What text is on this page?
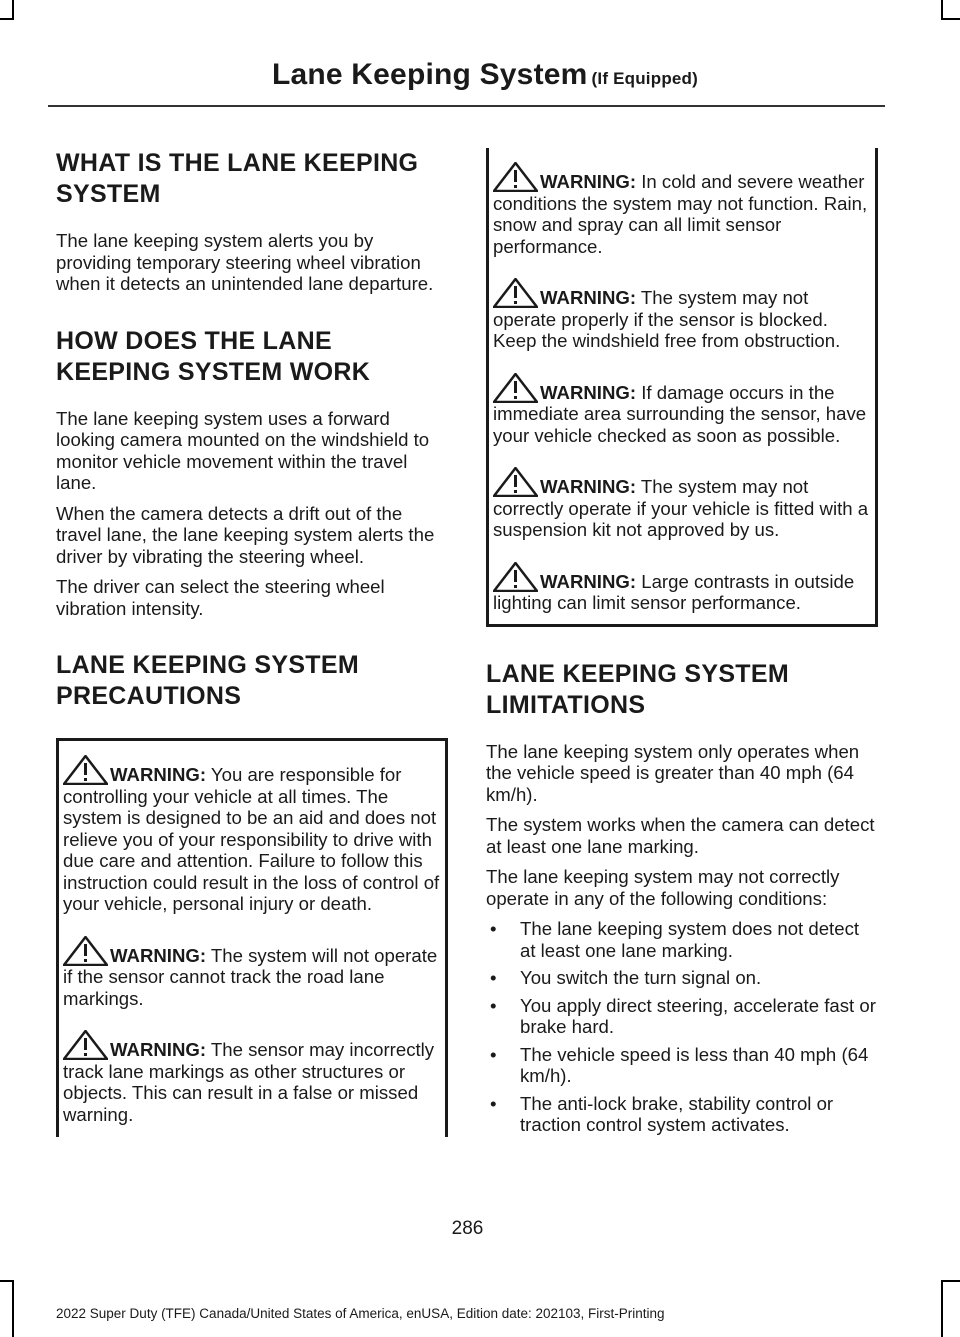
Lane Keeping System (If Equipped)
WHAT IS THE LANE KEEPING
SYSTEM

The lane keeping system alerts you by providing temporary steering wheel vibration when it detects an unintended lane departure.

HOW DOES THE LANE
KEEPING SYSTEM WORK

The lane keeping system uses a forward looking camera mounted on the windshield to monitor vehicle movement within the travel lane.

When the camera detects a drift out of the travel lane, the lane keeping system alerts the driver by vibrating the steering wheel.

The driver can select the steering wheel vibration intensity.

LANE KEEPING SYSTEM
PRECAUTIONS
WARNING: You are responsible for controlling your vehicle at all times. The system is designed to be an aid and does not relieve you of your responsibility to drive with due care and attention. Failure to follow this instruction could result in the loss of control of your vehicle, personal injury or death.
WARNING: The system will not operate if the sensor cannot track the road lane markings.
WARNING: The sensor may incorrectly track lane markings as other structures or objects. This can result in a false or missed warning.
WARNING: In cold and severe weather conditions the system may not function. Rain, snow and spray can all limit sensor performance.
WARNING: The system may not operate properly if the sensor is blocked. Keep the windshield free from obstruction.
WARNING: If damage occurs in the immediate area surrounding the sensor, have your vehicle checked as soon as possible.
WARNING: The system may not correctly operate if your vehicle is fitted with a suspension kit not approved by us.
WARNING: Large contrasts in outside lighting can limit sensor performance.
LANE KEEPING SYSTEM
LIMITATIONS

The lane keeping system only operates when the vehicle speed is greater than 40 mph (64 km/h).

The system works when the camera can detect at least one lane marking.

The lane keeping system may not correctly operate in any of the following conditions:

• The lane keeping system does not detect at least one lane marking.
• You switch the turn signal on.
• You apply direct steering, accelerate fast or brake hard.
• The vehicle speed is less than 40 mph (64 km/h).
• The anti-lock brake, stability control or traction control system activates.
286
2022 Super Duty (TFE) Canada/United States of America, enUSA, Edition date: 202103, First-Printing
